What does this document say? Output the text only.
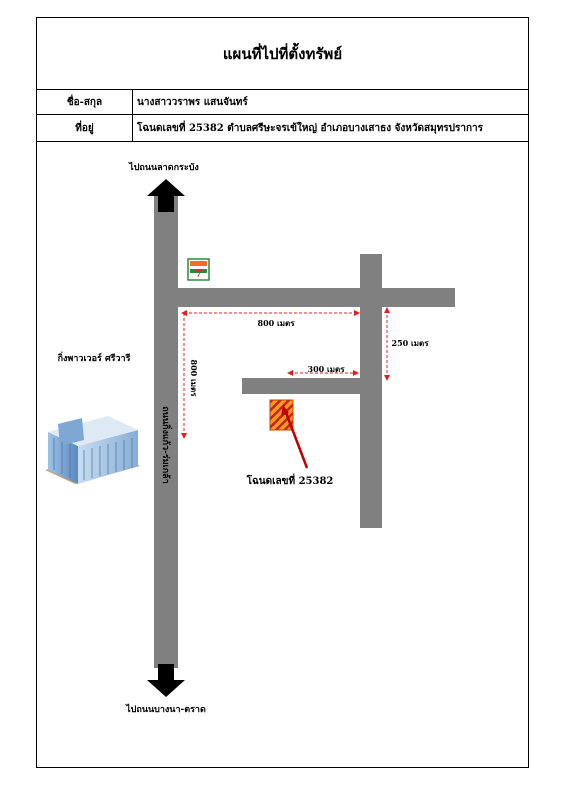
แผนที่ไปที่ตั้งทรัพย์
ชื่อ-สกุล	นางสาววราพร แสนจันทร์
ที่อยู่	โฉนดเลขที่ 25382 ตำบลศรีษะจรเข้ใหญ่ อำเภอบางเสาธง จังหวัดสมุทรปราการ
ไปถนนลาดกระบัง
ไปถนนบางนา-ตราด
ถนนกิ่งแก้ว-ร่มเกล้า
7
กิ่งพาวเวอร์ ศรีวารี
800 เมตร
800 เมตร	300 เมตร
250 เมตร
โฉนดเลขที่ 25382
